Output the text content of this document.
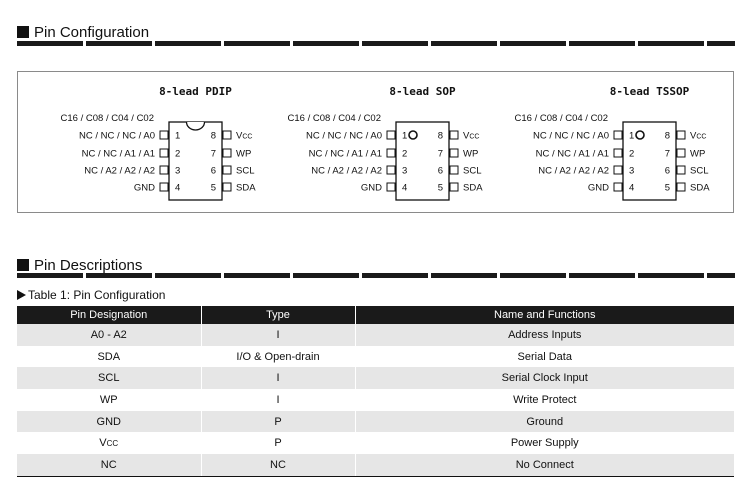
Pin Configuration
8-lead PDIP
C16 / C08 / C04 / C02
NC / NC / NC / A0 1	8 VCC
NC / NC / A1 / A1 2	7 WP
NC / A2 / A2 / A2 3	6 SCL
GND 4	5 SDA
8-lead SOP
C16 / C08 / C04 / C02
NC / NC / NC / A0 1	8 VCC
NC / NC / A1 / A1 2	7 WP
NC / A2 / A2 / A2 3	6 SCL
GND 4	5 SDA
8-lead TSSOP
C16 / C08 / C04 / C02
NC / NC / NC / A0 1	8 VCC
NC / NC / A1 / A1 2	7 WP
NC / A2 / A2 / A2 3	6 SCL
GND 4	5 SDA
Pin Descriptions
Table 1: Pin Configuration
Pin Designation	Type	Name and Functions
A0 - A2	I	Address Inputs
SDA	I/O & Open-drain	Serial Data
SCL	I	Serial Clock Input
WP	I	Write Protect
GND	P	Ground
VCC	P	Power Supply
NC	NC	No Connect
